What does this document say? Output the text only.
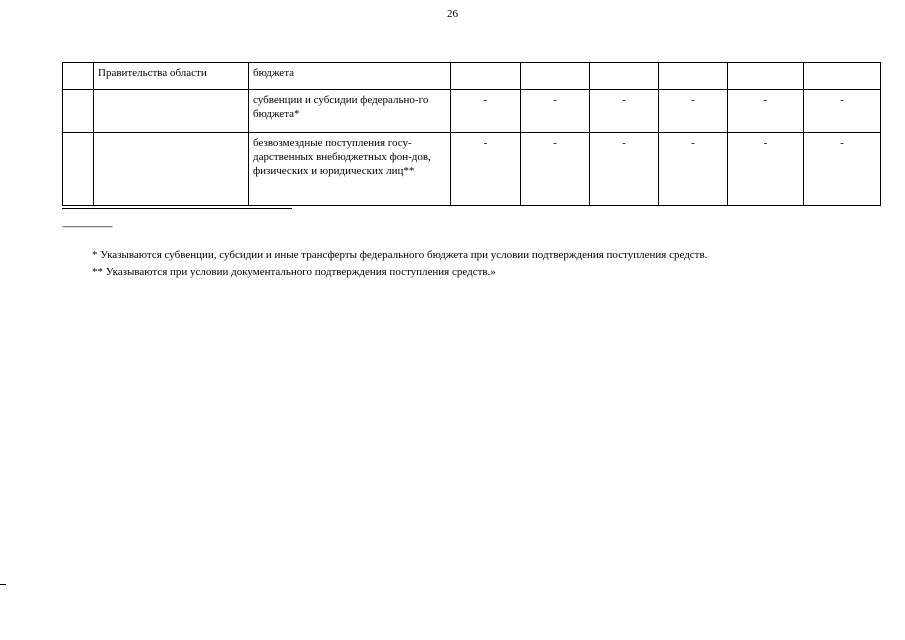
26
	Правительства области	бюджета						
		субвенции и субсидии федерально-го бюджета*	-	-	-	-	-	-
		безвозмездные поступления госу-дарственных внебюджетных фон-дов, физических и юридических лиц**	-	-	-	-	-	-
------------------------------
* Указываются субвенции, субсидии и иные трансферты федерального бюджета при условии подтверждения поступления средств.
** Указываются при условии документального подтверждения поступления средств.»
